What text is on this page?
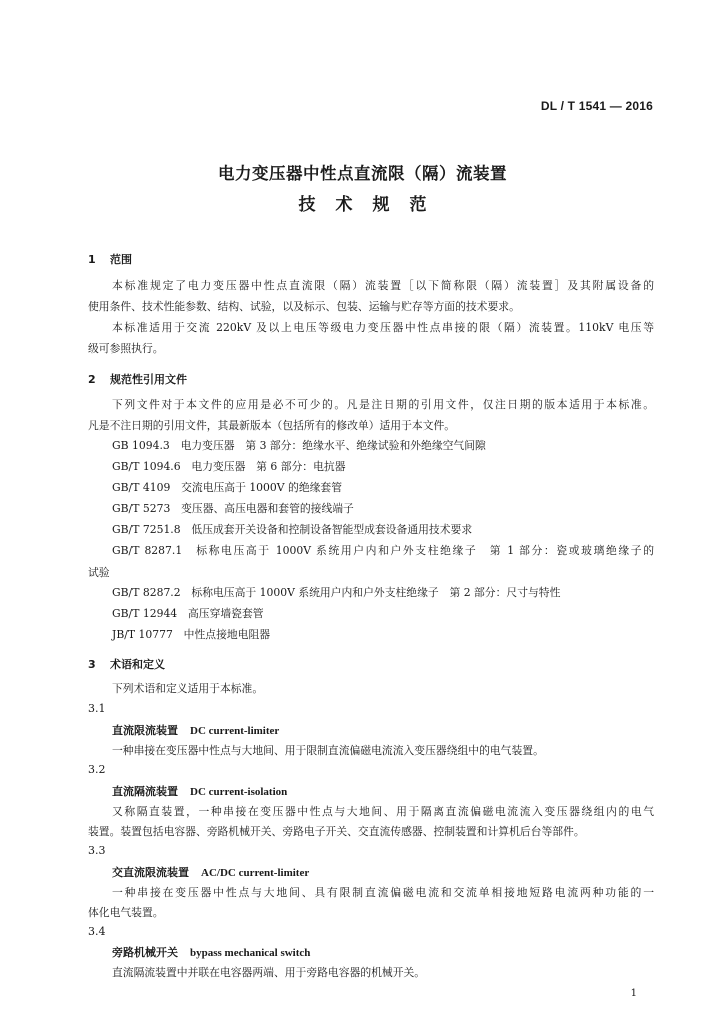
DL / T 1541 — 2016
电力变压器中性点直流限（隔）流装置
技术规范
1 范围
本标准规定了电力变压器中性点直流限（隔）流装置［以下简称限（隔）流装置］及其附属设备的
使用条件、技术性能参数、结构、试验，以及标示、包装、运输与贮存等方面的技术要求。
本标准适用于交流 220kV 及以上电压等级电力变压器中性点串接的限（隔）流装置。110kV 电压等
级可参照执行。
2 规范性引用文件
下列文件对于本文件的应用是必不可少的。凡是注日期的引用文件，仅注日期的版本适用于本标准。
凡是不注日期的引用文件，其最新版本（包括所有的修改单）适用于本文件。
GB 1094.3　电力变压器　第 3 部分：绝缘水平、绝缘试验和外绝缘空气间隙
GB/T 1094.6　电力变压器　第 6 部分：电抗器
GB/T 4109　交流电压高于 1000V 的绝缘套管
GB/T 5273　变压器、高压电器和套管的接线端子
GB/T 7251.8　低压成套开关设备和控制设备智能型成套设备通用技术要求
GB/T 8287.1　标称电压高于 1000V 系统用户内和户外支柱绝缘子　第 1 部分：瓷或玻璃绝缘子的
试验
GB/T 8287.2　标称电压高于 1000V 系统用户内和户外支柱绝缘子　第 2 部分：尺寸与特性
GB/T 12944　高压穿墙瓷套管
JB/T 10777　中性点接地电阻器
3 术语和定义
下列术语和定义适用于本标准。
3.1
直流限流装置 DC current-limiter
一种串接在变压器中性点与大地间、用于限制直流偏磁电流流入变压器绕组中的电气装置。
3.2
直流隔流装置 DC current-isolation
又称隔直装置，一种串接在变压器中性点与大地间、用于隔离直流偏磁电流流入变压器绕组内的电气
装置。装置包括电容器、旁路机械开关、旁路电子开关、交直流传感器、控制装置和计算机后台等部件。
3.3
交直流限流装置 AC/DC current-limiter
一种串接在变压器中性点与大地间、具有限制直流偏磁电流和交流单相接地短路电流两种功能的一
体化电气装置。
3.4
旁路机械开关 bypass mechanical switch
直流隔流装置中并联在电容器两端、用于旁路电容器的机械开关。
1
